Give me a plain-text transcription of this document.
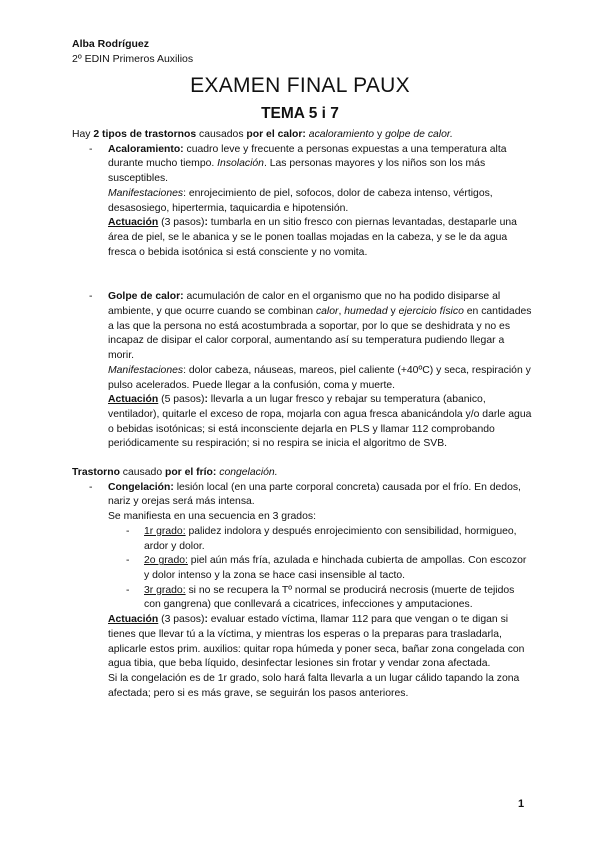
Alba Rodríguez
2º EDIN Primeros Auxilios
EXAMEN FINAL PAUX
TEMA 5 i 7

Hay 2 tipos de trastornos causados por el calor: acaloramiento y golpe de calor.

- Acaloramiento: cuadro leve y frecuente a personas expuestas a una temperatura alta durante mucho tiempo. Insolación. Las personas mayores y los niños son los más susceptibles.

Manifestaciones: enrojecimiento de piel, sofocos, dolor de cabeza intenso, vértigos, desasosiego, hipertermia, taquicardia e hipotensión.

Actuación (3 pasos): tumbarla en un sitio fresco con piernas levantadas, destaparle una área de piel, se le abanica y se le ponen toallas mojadas en la cabeza, y se le da agua fresca o bebida isotónica si está consciente y no vomita.

- Golpe de calor: acumulación de calor en el organismo que no ha podido disiparse al ambiente, y que ocurre cuando se combinan calor, humedad y ejercicio físico en cantidades a las que la persona no está acostumbrada a soportar, por lo que se deshidrata y no es incapaz de disipar el calor corporal, aumentando así su temperatura pudiendo llegar a morir.

Manifestaciones: dolor cabeza, náuseas, mareos, piel caliente (+40ºC) y seca, respiración y pulso acelerados. Puede llegar a la confusión, coma y muerte.

Actuación (5 pasos): llevarla a un lugar fresco y rebajar su temperatura (abanico, ventilador), quitarle el exceso de ropa, mojarla con agua fresca abanicándola y/o darle agua o bebidas isotónicas; si está inconsciente dejarla en PLS y llamar 112 comprobando periódicamente su respiración; si no respira se inicia el algoritmo de SVB.

Trastorno causado por el frío: congelación.

- Congelación: lesión local (en una parte corporal concreta) causada por el frío. En dedos, nariz y orejas será más intensa.

Se manifiesta en una secuencia en 3 grados:

- 1r grado: palidez indolora y después enrojecimiento con sensibilidad, hormigueo, ardor y dolor.

- 2o grado: piel aún más fría, azulada e hinchada cubierta de ampollas. Con escozor y dolor intenso y la zona se hace casi insensible al tacto.

- 3r grado: si no se recupera la Tº normal se producirá necrosis (muerte de tejidos con gangrena) que conllevará a cicatrices, infecciones y amputaciones.

Actuación (3 pasos): evaluar estado víctima, llamar 112 para que vengan o te digan si tienes que llevar tú a la víctima, y mientras los esperas o la preparas para trasladarla, aplicarle estos prim. auxilios: quitar ropa húmeda y poner seca, bañar zona congelada con agua tibia, que beba líquido, desinfectar lesiones sin frotar y vendar zona afectada.

Si la congelación es de 1r grado, solo hará falta llevarla a un lugar cálido tapando la zona afectada; pero si es más grave, se seguirán los pasos anteriores.

1
